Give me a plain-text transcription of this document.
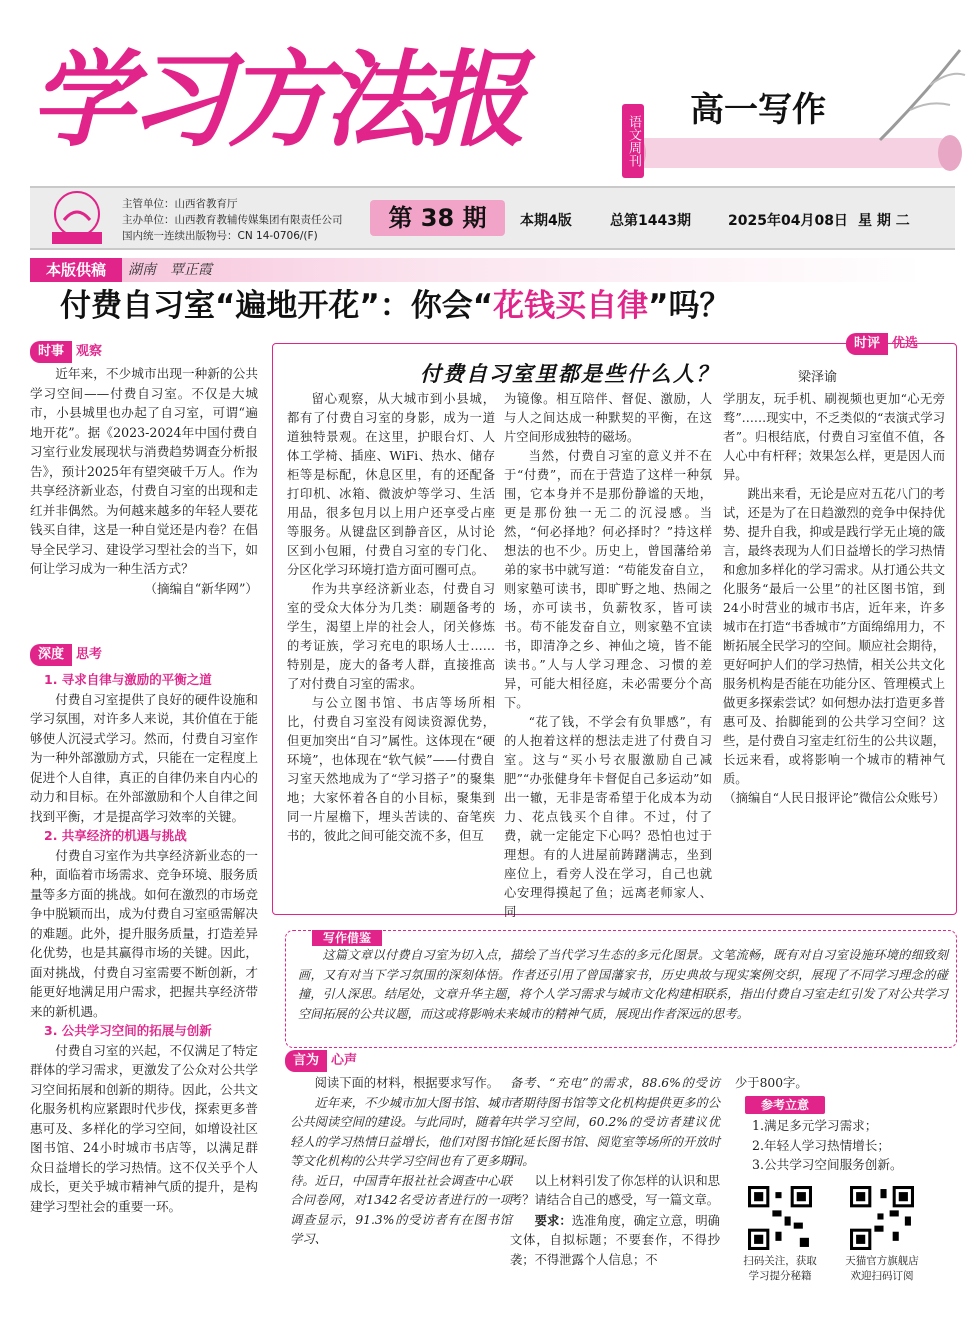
学习方法报	语文周刊
高一写作
主管单位：山西省教育厅
主办单位：山西教育教辅传媒集团有限责任公司
国内统一连续出版物号：CN 14-0706/(F)
第 38 期	本期4版	总第1443期	2025年04月08日 星 期 二
本版供稿	湖南　覃正霞
付费自习室“遍地开花”：你会“花钱买自律”吗？
时事 观察

近年来，不少城市出现一种新的公共学习空间——付费自习室。不仅是大城市，小县城里也办起了自习室，可谓“遍地开花”。据《2023-2024年中国付费自习室行业发展现状与消费趋势调查分析报告》，预计2025年有望突破千万人。作为共享经济新业态，付费自习室的出现和走红并非偶然。为何越来越多的年轻人要花钱买自律，这是一种自觉还是内卷？在倡导全民学习、建设学习型社会的当下，如何让学习成为一种生活方式？

（摘编自“新华网”）

深度 思考

1. 寻求自律与激励的平衡之道

付费自习室提供了良好的硬件设施和学习氛围，对许多人来说，其价值在于能够使人沉浸式学习。然而，付费自习室作为一种外部激励方式，只能在一定程度上促进个人自律，真正的自律仍来自内心的动力和目标。在外部激励和个人自律之间找到平衡，才是提高学习效率的关键。

2. 共享经济的机遇与挑战

付费自习室作为共享经济新业态的一种，面临着市场需求、竞争环境、服务质量等多方面的挑战。如何在激烈的市场竞争中脱颖而出，成为付费自习室亟需解决的难题。此外，提升服务质量，打造差异化优势，也是其赢得市场的关键。因此，面对挑战，付费自习室需要不断创新，才能更好地满足用户需求，把握共享经济带来的新机遇。

3. 公共学习空间的拓展与创新

付费自习室的兴起，不仅满足了特定群体的学习需求，更激发了公众对公共学习空间拓展和创新的期待。因此，公共文化服务机构应紧跟时代步伐，探索更多普惠可及、多样化的学习空间，如增设社区图书馆、24小时城市书店等，以满足群众日益增长的学习热情。这不仅关乎个人成长，更关乎城市精神气质的提升，是构建学习型社会的重要一环。

时评 优选
付费自习室里都是些什么人？	梁泽谕

留心观察，从大城市到小县城，都有了付费自习室的身影，成为一道道独特景观。在这里，护眼台灯、人体工学椅、插座、WiFi、热水、储存柜等是标配，休息区里，有的还配备打印机、冰箱、微波炉等学习、生活用品，很多包月以上用户还享受占座等服务。从键盘区到静音区，从讨论区到小包厢，付费自习室的专门化、分区化学习环境打造方面可圈可点。

作为共享经济新业态，付费自习室的受众大体分为几类：刷题备考的学生，渴望上岸的社会人，闭关修炼的考证族，学习充电的职场人士……特别是，庞大的备考人群，直接推高了对付费自习室的需求。

与公立图书馆、书店等场所相比，付费自习室没有阅读资源优势，但更加突出“自习”属性。这体现在“硬环境”，也体现在“软气候”——付费自习室天然地成为了“学习搭子”的聚集地；大家怀着各自的小目标，聚集到同一片屋檐下，埋头苦读的、奋笔疾书的，彼此之间可能交流不多，但互

为镜像。相互陪伴、督促、激励，人与人之间达成一种默契的平衡，在这片空间形成独特的磁场。

当然，付费自习室的意义并不在于“付费”，而在于营造了这样一种氛围，它本身并不是那份静谧的天地，更是那份独一无二的沉浸感。当然，“何必择地？何必择时？”持这样想法的也不少。历史上，曾国藩给弟弟的家书中就写道：“苟能发奋自立，则家塾可读书，即旷野之地、热闹之场，亦可读书，负薪牧豕，皆可读书。苟不能发奋自立，则家塾不宜读书，即清净之乡、神仙之境，皆不能读书。”人与人学习理念、习惯的差异，可能大相径庭，未必需要分个高下。

“花了钱，不学会有负罪感”，有的人抱着这样的想法走进了付费自习室。这与“买小号衣服激励自己减肥”“办张健身年卡督促自己多运动”如出一辙，无非是寄希望于化成本为动力、花点钱买个自律。不过，付了费，就一定能定下心吗？恐怕也过于理想。有的人进屋前踌躇满志，坐到座位上，看旁人没在学习，自己也就心安理得摸起了鱼；远离老师家人、同

学朋友，玩手机、刷视频也更加“心无旁骛”……现实中，不乏类似的“表演式学习者”。归根结底，付费自习室值不值，各人心中有杆秤；效果怎么样，更是因人而异。

跳出来看，无论是应对五花八门的考试，还是为了在日趋激烈的竞争中保持优势、提升自我，抑或是践行学无止境的箴言，最终表现为人们日益增长的学习热情和愈加多样化的学习需求。从打通公共文化服务“最后一公里”的社区图书馆，到24小时营业的城市书店，近年来，许多城市在打造“书香城市”方面绵绵用力，不断拓展全民学习的空间。顺应社会期待，更好呵护人们的学习热情，相关公共文化服务机构是否能在功能分区、管理模式上做更多探索尝试？如何想办法打造更多普惠可及、抬脚能到的公共学习空间？这些，是付费自习室走红衍生的公共议题，长远来看，或将影响一个城市的精神气质。

（摘编自“人民日报评论”微信公众账号）

写作借鉴
这篇文章以付费自习室为切入点，描绘了当代学习生态的多元化图景。文笔流畅，既有对自习室设施环境的细致刻画，又有对当下学习氛围的深刻体悟。作者还引用了曾国藩家书，历史典故与现实案例交织，展现了不同学习理念的碰撞，引人深思。结尾处，文章升华主题，将个人学习需求与城市文化构建相联系，指出付费自习室走红引发了对公共学习空间拓展的公共议题，而这或将影响未来城市的精神气质，展现出作者深远的思考。
言为 心声

阅读下面的材料，根据要求写作。

近年来，不少城市加大图书馆、城市公共阅读空间的建设。与此同时，随着年轻人的学习热情日益增长，他们对图书馆等文化机构的公共学习空间也有了更多期待。近日，中国青年报社社会调查中心联合问卷网，对1342名受访者进行的一项调查显示，91.3%的受访者有在图书馆学习、

备考、“充电”的需求，88.6%的受访者期待图书馆等文化机构提供更多的公共学习空间，60.2%的受访者建议优化延长图书馆、阅览室等场所的开放时间。

以上材料引发了你怎样的认识和思考？请结合自己的感受，写一篇文章。

要求：选准角度，确定立意，明确文体，自拟标题；不要套作，不得抄袭；不得泄露个人信息；不

少于800字。

参考立意
1.满足多元学习需求；
2.年轻人学习热情增长；
3.公共学习空间服务创新。
扫码关注，获取
学习提分秘籍
天猫官方旗舰店
欢迎扫码订阅
